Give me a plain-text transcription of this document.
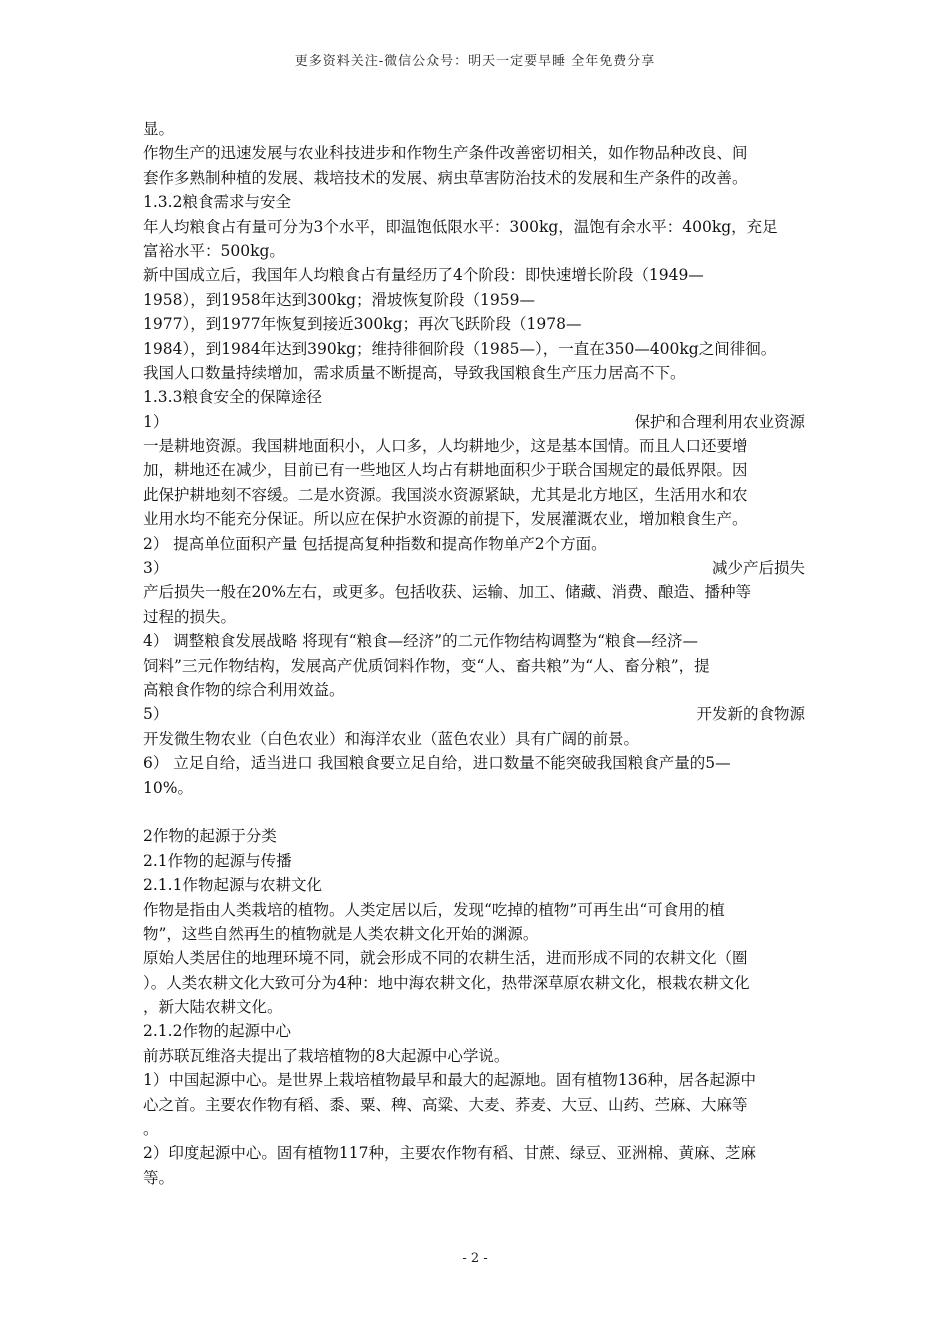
更多资料关注-微信公众号：明天一定要早睡 全年免费分享
显。
作物生产的迅速发展与农业科技进步和作物生产条件改善密切相关，如作物品种改良、间
套作多熟制种植的发展、栽培技术的发展、病虫草害防治技术的发展和生产条件的改善。
1.3.2粮食需求与安全
年人均粮食占有量可分为3个水平，即温饱低限水平：300kg，温饱有余水平：400kg，充足
富裕水平：500kg。
新中国成立后，我国年人均粮食占有量经历了4个阶段：即快速增长阶段（1949—
1958），到1958年达到300kg；滑坡恢复阶段（1959—
1977），到1977年恢复到接近300kg；再次飞跃阶段（1978—
1984），到1984年达到390kg；维持徘徊阶段（1985—），一直在350—400kg之间徘徊。
我国人口数量持续增加，需求质量不断提高，导致我国粮食生产压力居高不下。
1.3.3粮食安全的保障途径
1）	保护和合理利用农业资源
一是耕地资源。我国耕地面积小，人口多，人均耕地少，这是基本国情。而且人口还要增
加，耕地还在减少，目前已有一些地区人均占有耕地面积少于联合国规定的最低界限。因
此保护耕地刻不容缓。二是水资源。我国淡水资源紧缺，尤其是北方地区，生活用水和农
业用水均不能充分保证。所以应在保护水资源的前提下，发展灌溉农业，增加粮食生产。
2） 提高单位面积产量 包括提高复种指数和提高作物单产2个方面。
3）	减少产后损失
产后损失一般在20%左右，或更多。包括收获、运输、加工、储藏、消费、酿造、播种等
过程的损失。
4） 调整粮食发展战略 将现有“粮食—经济”的二元作物结构调整为“粮食—经济—
饲料”三元作物结构，发展高产优质饲料作物，变“人、畜共粮”为“人、畜分粮”，提
高粮食作物的综合利用效益。
5）	开发新的食物源
开发微生物农业（白色农业）和海洋农业（蓝色农业）具有广阔的前景。
6） 立足自给，适当进口 我国粮食要立足自给，进口数量不能突破我国粮食产量的5—
10%。
2作物的起源于分类
2.1作物的起源与传播
2.1.1作物起源与农耕文化
作物是指由人类栽培的植物。人类定居以后，发现“吃掉的植物”可再生出“可食用的植
物”，这些自然再生的植物就是人类农耕文化开始的渊源。
原始人类居住的地理环境不同，就会形成不同的农耕生活，进而形成不同的农耕文化（圈
）。人类农耕文化大致可分为4种：地中海农耕文化，热带深草原农耕文化，根栽农耕文化
，新大陆农耕文化。
2.1.2作物的起源中心
前苏联瓦维洛夫提出了栽培植物的8大起源中心学说。
1）中国起源中心。是世界上栽培植物最早和最大的起源地。固有植物136种，居各起源中
心之首。主要农作物有稻、黍、粟、稗、高粱、大麦、荞麦、大豆、山药、苎麻、大麻等
。
2）印度起源中心。固有植物117种，主要农作物有稻、甘蔗、绿豆、亚洲棉、黄麻、芝麻
等。
- 2 -
